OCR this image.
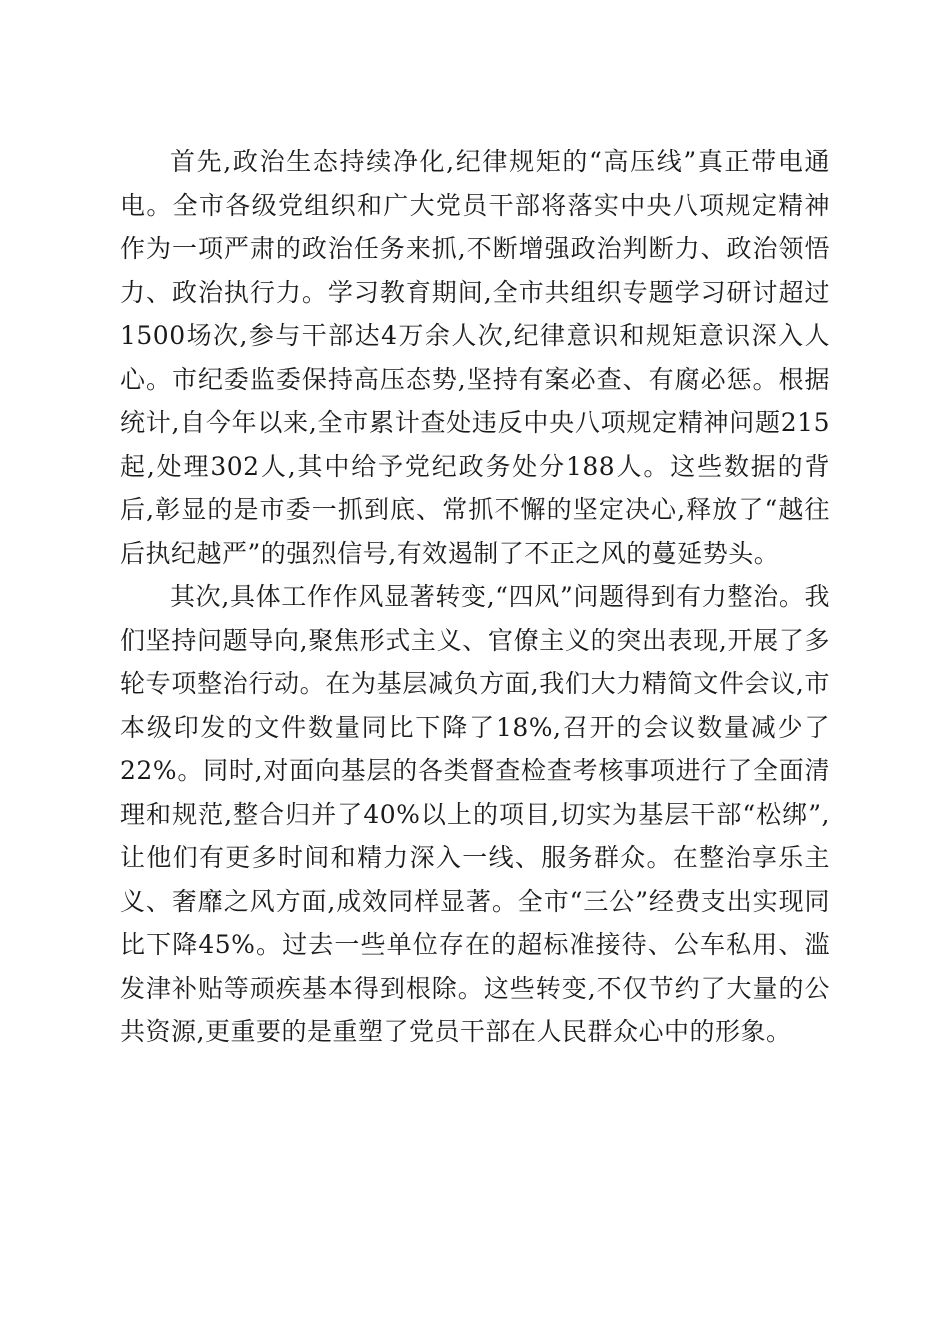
首先,政治生态持续净化,纪律规矩的“高压线”真正带电通电。全市各级党组织和广大党员干部将落实中央八项规定精神作为一项严肃的政治任务来抓,不断增强政治判断力、政治领悟力、政治执行力。学习教育期间,全市共组织专题学习研讨超过1500场次,参与干部达4万余人次,纪律意识和规矩意识深入人心。市纪委监委保持高压态势,坚持有案必查、有腐必惩。根据统计,自今年以来,全市累计查处违反中央八项规定精神问题215起,处理302人,其中给予党纪政务处分188人。这些数据的背后,彰显的是市委一抓到底、常抓不懈的坚定决心,释放了“越往后执纪越严”的强烈信号,有效遏制了不正之风的蔓延势头。

其次,具体工作作风显著转变,“四风”问题得到有力整治。我们坚持问题导向,聚焦形式主义、官僚主义的突出表现,开展了多轮专项整治行动。在为基层减负方面,我们大力精简文件会议,市本级印发的文件数量同比下降了18%,召开的会议数量减少了22%。同时,对面向基层的各类督查检查考核事项进行了全面清理和规范,整合归并了40%以上的项目,切实为基层干部“松绑”,让他们有更多时间和精力深入一线、服务群众。在整治享乐主义、奢靡之风方面,成效同样显著。全市“三公”经费支出实现同比下降45%。过去一些单位存在的超标准接待、公车私用、滥发津补贴等顽疾基本得到根除。这些转变,不仅节约了大量的公共资源,更重要的是重塑了党员干部在人民群众心中的形象。
